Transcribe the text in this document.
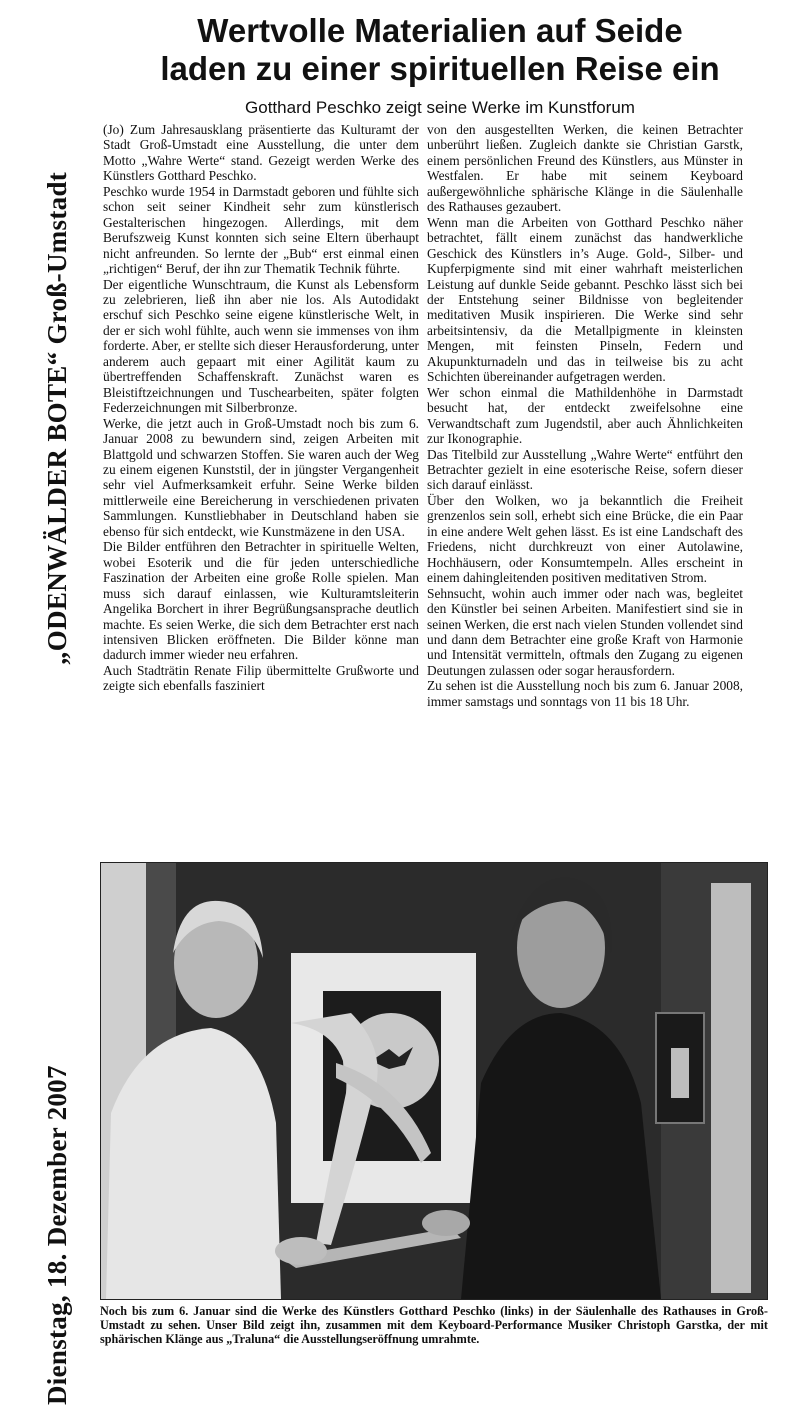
„ODENWÄLDER BOTE“ Groß-Umstadt
Dienstag, 18. Dezember 2007
Wertvolle Materialien auf Seide
laden zu einer spirituellen Reise ein
Gotthard Peschko zeigt seine Werke im Kunstforum

(Jo) Zum Jahresausklang präsentierte das Kulturamt der Stadt Groß-Umstadt eine Ausstellung, die unter dem Motto „Wahre Werte“ stand. Gezeigt werden Werke des Künstlers Gotthard Peschko.

Peschko wurde 1954 in Darmstadt geboren und fühlte sich schon seit seiner Kindheit sehr zum künstlerisch Gestalterischen hingezogen. Allerdings, mit dem Berufszweig Kunst konnten sich seine Eltern überhaupt nicht anfreunden. So lernte der „Bub“ erst einmal einen „richtigen“ Beruf, der ihn zur Thematik Technik führte.

Der eigentliche Wunschtraum, die Kunst als Lebensform zu zelebrieren, ließ ihn aber nie los. Als Autodidakt erschuf sich Peschko seine eigene künstlerische Welt, in der er sich wohl fühlte, auch wenn sie immenses von ihm forderte. Aber, er stellte sich dieser Herausforderung, unter anderem auch gepaart mit einer Agilität kaum zu übertreffenden Schaffenskraft. Zunächst waren es Bleistiftzeichnungen und Tuschearbeiten, später folgten Federzeichnungen mit Silberbronze.

Werke, die jetzt auch in Groß-Umstadt noch bis zum 6. Januar 2008 zu bewundern sind, zeigen Arbeiten mit Blattgold und schwarzen Stoffen. Sie waren auch der Weg zu einem eigenen Kunststil, der in jüngster Vergangenheit sehr viel Aufmerksamkeit erfuhr. Seine Werke bilden mittlerweile eine Bereicherung in verschiedenen privaten Sammlungen. Kunstliebhaber in Deutschland haben sie ebenso für sich entdeckt, wie Kunstmäzene in den USA.

Die Bilder entführen den Betrachter in spirituelle Welten, wobei Esoterik und die für jeden unterschiedliche Faszination der Arbeiten eine große Rolle spielen. Man muss sich darauf einlassen, wie Kulturamtsleiterin Angelika Borchert in ihrer Begrüßungsansprache deutlich machte. Es seien Werke, die sich dem Betrachter erst nach intensiven Blicken eröffneten. Die Bilder könne man dadurch immer wieder neu erfahren.

Auch Stadträtin Renate Filip übermittelte Grußworte und zeigte sich ebenfalls fasziniert

von den ausgestellten Werken, die keinen Betrachter unberührt ließen. Zugleich dankte sie Christian Garstk, einem persönlichen Freund des Künstlers, aus Münster in Westfalen. Er habe mit seinem Keyboard außergewöhnliche sphärische Klänge in die Säulenhalle des Rathauses gezaubert.

Wenn man die Arbeiten von Gotthard Peschko näher betrachtet, fällt einem zunächst das handwerkliche Geschick des Künstlers in’s Auge. Gold-, Silber- und Kupferpigmente sind mit einer wahrhaft meisterlichen Leistung auf dunkle Seide gebannt. Peschko lässt sich bei der Entstehung seiner Bildnisse von begleitender meditativen Musik inspirieren. Die Werke sind sehr arbeitsintensiv, da die Metallpigmente in kleinsten Mengen, mit feinsten Pinseln, Federn und Akupunkturnadeln und das in teilweise bis zu acht Schichten übereinander aufgetragen werden.

Wer schon einmal die Mathildenhöhe in Darmstadt besucht hat, der entdeckt zweifelsohne eine Verwandtschaft zum Jugendstil, aber auch Ähnlichkeiten zur Ikonographie.

Das Titelbild zur Ausstellung „Wahre Werte“ entführt den Betrachter gezielt in eine esoterische Reise, sofern dieser sich darauf einlässt.

Über den Wolken, wo ja bekanntlich die Freiheit grenzenlos sein soll, erhebt sich eine Brücke, die ein Paar in eine andere Welt gehen lässt. Es ist eine Landschaft des Friedens, nicht durchkreuzt von einer Autolawine, Hochhäusern, oder Konsumtempeln. Alles erscheint in einem dahingleitenden positiven meditativen Strom.

Sehnsucht, wohin auch immer oder nach was, begleitet den Künstler bei seinen Arbeiten. Manifestiert sind sie in seinen Werken, die erst nach vielen Stunden vollendet sind und dann dem Betrachter eine große Kraft von Harmonie und Intensität vermitteln, oftmals den Zugang zu eigenen Deutungen zulassen oder sogar herausfordern.

Zu sehen ist die Ausstellung noch bis zum 6. Januar 2008, immer samstags und sonntags von 11 bis 18 Uhr.

Noch bis zum 6. Januar sind die Werke des Künstlers Gotthard Peschko (links) in der Säulenhalle des Rathauses in Groß-Umstadt zu sehen. Unser Bild zeigt ihn, zusammen mit dem Keyboard-Performance Musiker Christoph Garstka, der mit sphärischen Klänge aus „Traluna“ die Ausstellungseröffnung umrahmte.
